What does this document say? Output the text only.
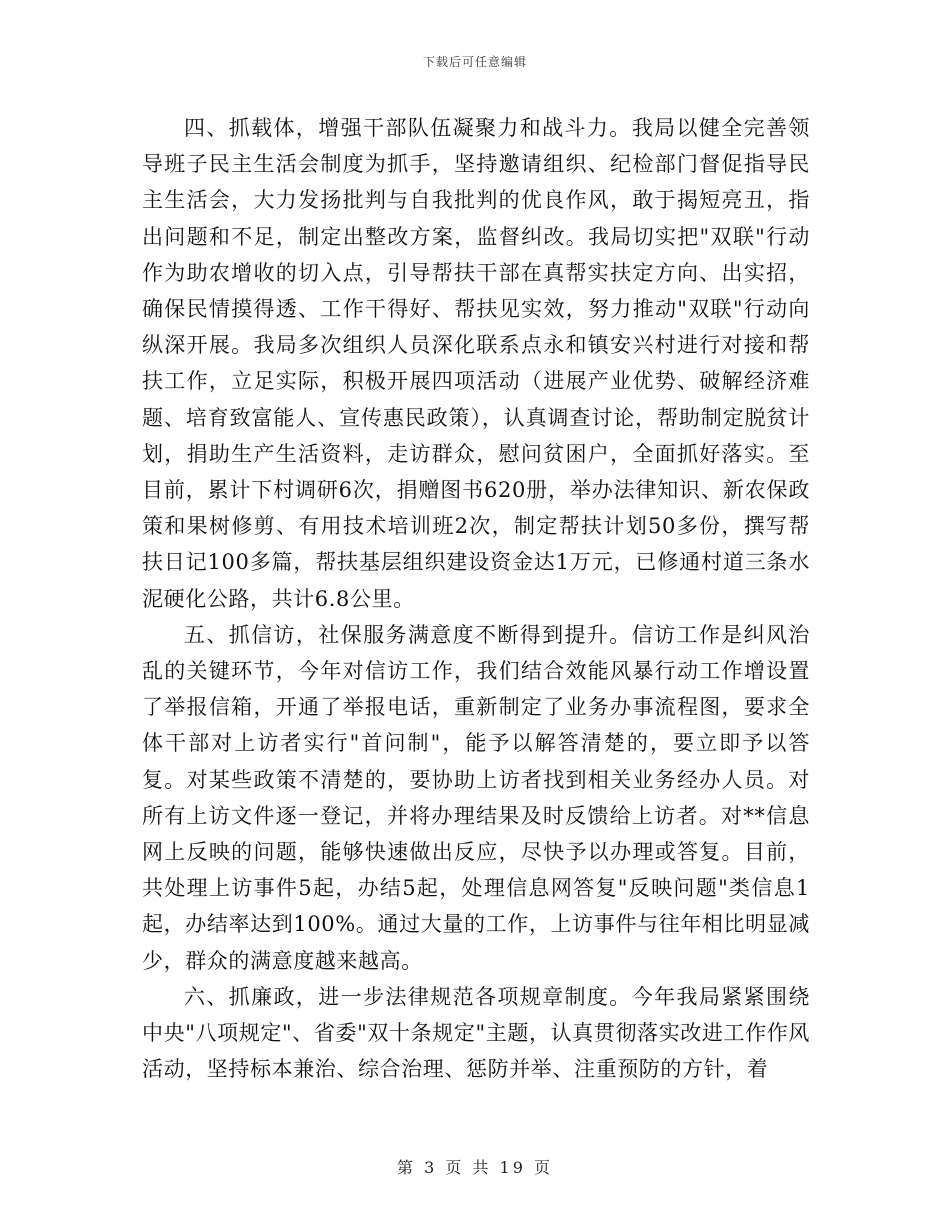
下载后可任意编辑

四、抓载体，增强干部队伍凝聚力和战斗力。我局以健全完善领导班子民主生活会制度为抓手，坚持邀请组织、纪检部门督促指导民主生活会，大力发扬批判与自我批判的优良作风，敢于揭短亮丑，指出问题和不足，制定出整改方案，监督纠改。我局切实把"双联"行动作为助农增收的切入点，引导帮扶干部在真帮实扶定方向、出实招，确保民情摸得透、工作干得好、帮扶见实效，努力推动"双联"行动向纵深开展。我局多次组织人员深化联系点永和镇安兴村进行对接和帮扶工作，立足实际，积极开展四项活动（进展产业优势、破解经济难题、培育致富能人、宣传惠民政策），认真调查讨论，帮助制定脱贫计划，捐助生产生活资料，走访群众，慰问贫困户，全面抓好落实。至目前，累计下村调研6次，捐赠图书620册，举办法律知识、新农保政策和果树修剪、有用技术培训班2次，制定帮扶计划50多份，撰写帮扶日记100多篇，帮扶基层组织建设资金达1万元，已修通村道三条水泥硬化公路，共计6.8公里。

五、抓信访，社保服务满意度不断得到提升。信访工作是纠风治乱的关键环节，今年对信访工作，我们结合效能风暴行动工作增设置了举报信箱，开通了举报电话，重新制定了业务办事流程图，要求全体干部对上访者实行"首问制"，能予以解答清楚的，要立即予以答复。对某些政策不清楚的，要协助上访者找到相关业务经办人员。对所有上访文件逐一登记，并将办理结果及时反馈给上访者。对**信息网上反映的问题，能够快速做出反应，尽快予以办理或答复。目前，共处理上访事件5起，办结5起，处理信息网答复"反映问题"类信息1起，办结率达到100%。通过大量的工作，上访事件与往年相比明显减少，群众的满意度越来越高。

六、抓廉政，进一步法律规范各项规章制度。今年我局紧紧围绕中央"八项规定"、省委"双十条规定"主题，认真贯彻落实改进工作作风活动，坚持标本兼治、综合治理、惩防并举、注重预防的方针，着

第 3 页 共 19 页
